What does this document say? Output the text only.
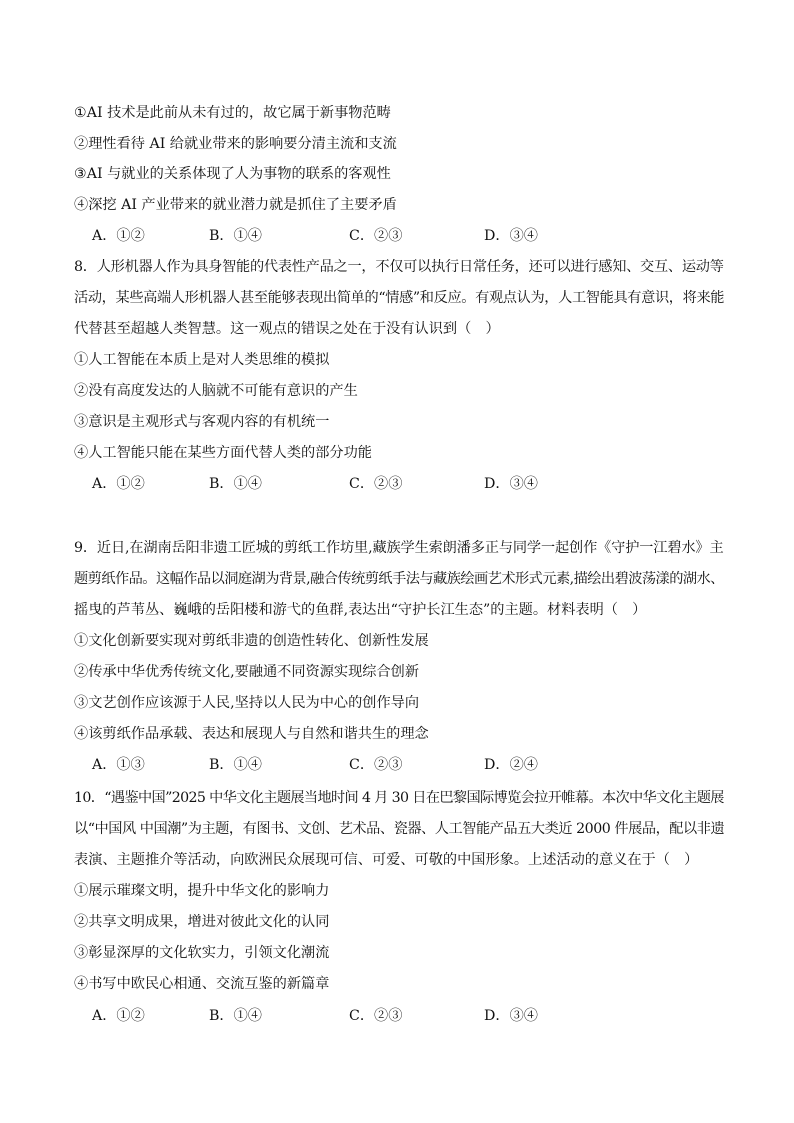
①AI 技术是此前从未有过的，故它属于新事物范畴
②理性看待 AI 给就业带来的影响要分清主流和支流
③AI 与就业的关系体现了人为事物的联系的客观性
④深挖 AI 产业带来的就业潜力就是抓住了主要矛盾
A．①②	B．①④	C．②③	D．③④
8．人形机器人作为具身智能的代表性产品之一，不仅可以执行日常任务，还可以进行感知、交互、运动等
活动，某些高端人形机器人甚至能够表现出简单的“情感”和反应。有观点认为，人工智能具有意识，将来能
代替甚至超越人类智慧。这一观点的错误之处在于没有认识到（　）
①人工智能在本质上是对人类思维的模拟
②没有高度发达的人脑就不可能有意识的产生
③意识是主观形式与客观内容的有机统一
④人工智能只能在某些方面代替人类的部分功能
A．①②	B．①④	C．②③	D．③④
9．近日,在湖南岳阳非遗工匠城的剪纸工作坊里,藏族学生索朗潘多正与同学一起创作《守护一江碧水》主
题剪纸作品。这幅作品以洞庭湖为背景,融合传统剪纸手法与藏族绘画艺术形式元素,描绘出碧波荡漾的湖水、
摇曳的芦苇丛、巍峨的岳阳楼和游弋的鱼群,表达出“守护长江生态”的主题。材料表明（　）
①文化创新要实现对剪纸非遗的创造性转化、创新性发展
②传承中华优秀传统文化,要融通不同资源实现综合创新
③文艺创作应该源于人民,坚持以人民为中心的创作导向
④该剪纸作品承载、表达和展现人与自然和谐共生的理念
A．①③	B．①④	C．②③	D．②④
10．“遇鉴中国”2025 中华文化主题展当地时间 4 月 30 日在巴黎国际博览会拉开帷幕。本次中华文化主题展
以“中国风 中国潮”为主题，有图书、文创、艺术品、瓷器、人工智能产品五大类近 2000 件展品，配以非遗
表演、主题推介等活动，向欧洲民众展现可信、可爱、可敬的中国形象。上述活动的意义在于（　）
①展示璀璨文明，提升中华文化的影响力
②共享文明成果，增进对彼此文化的认同
③彰显深厚的文化软实力，引领文化潮流
④书写中欧民心相通、交流互鉴的新篇章
A．①②	B．①④	C．②③	D．③④
